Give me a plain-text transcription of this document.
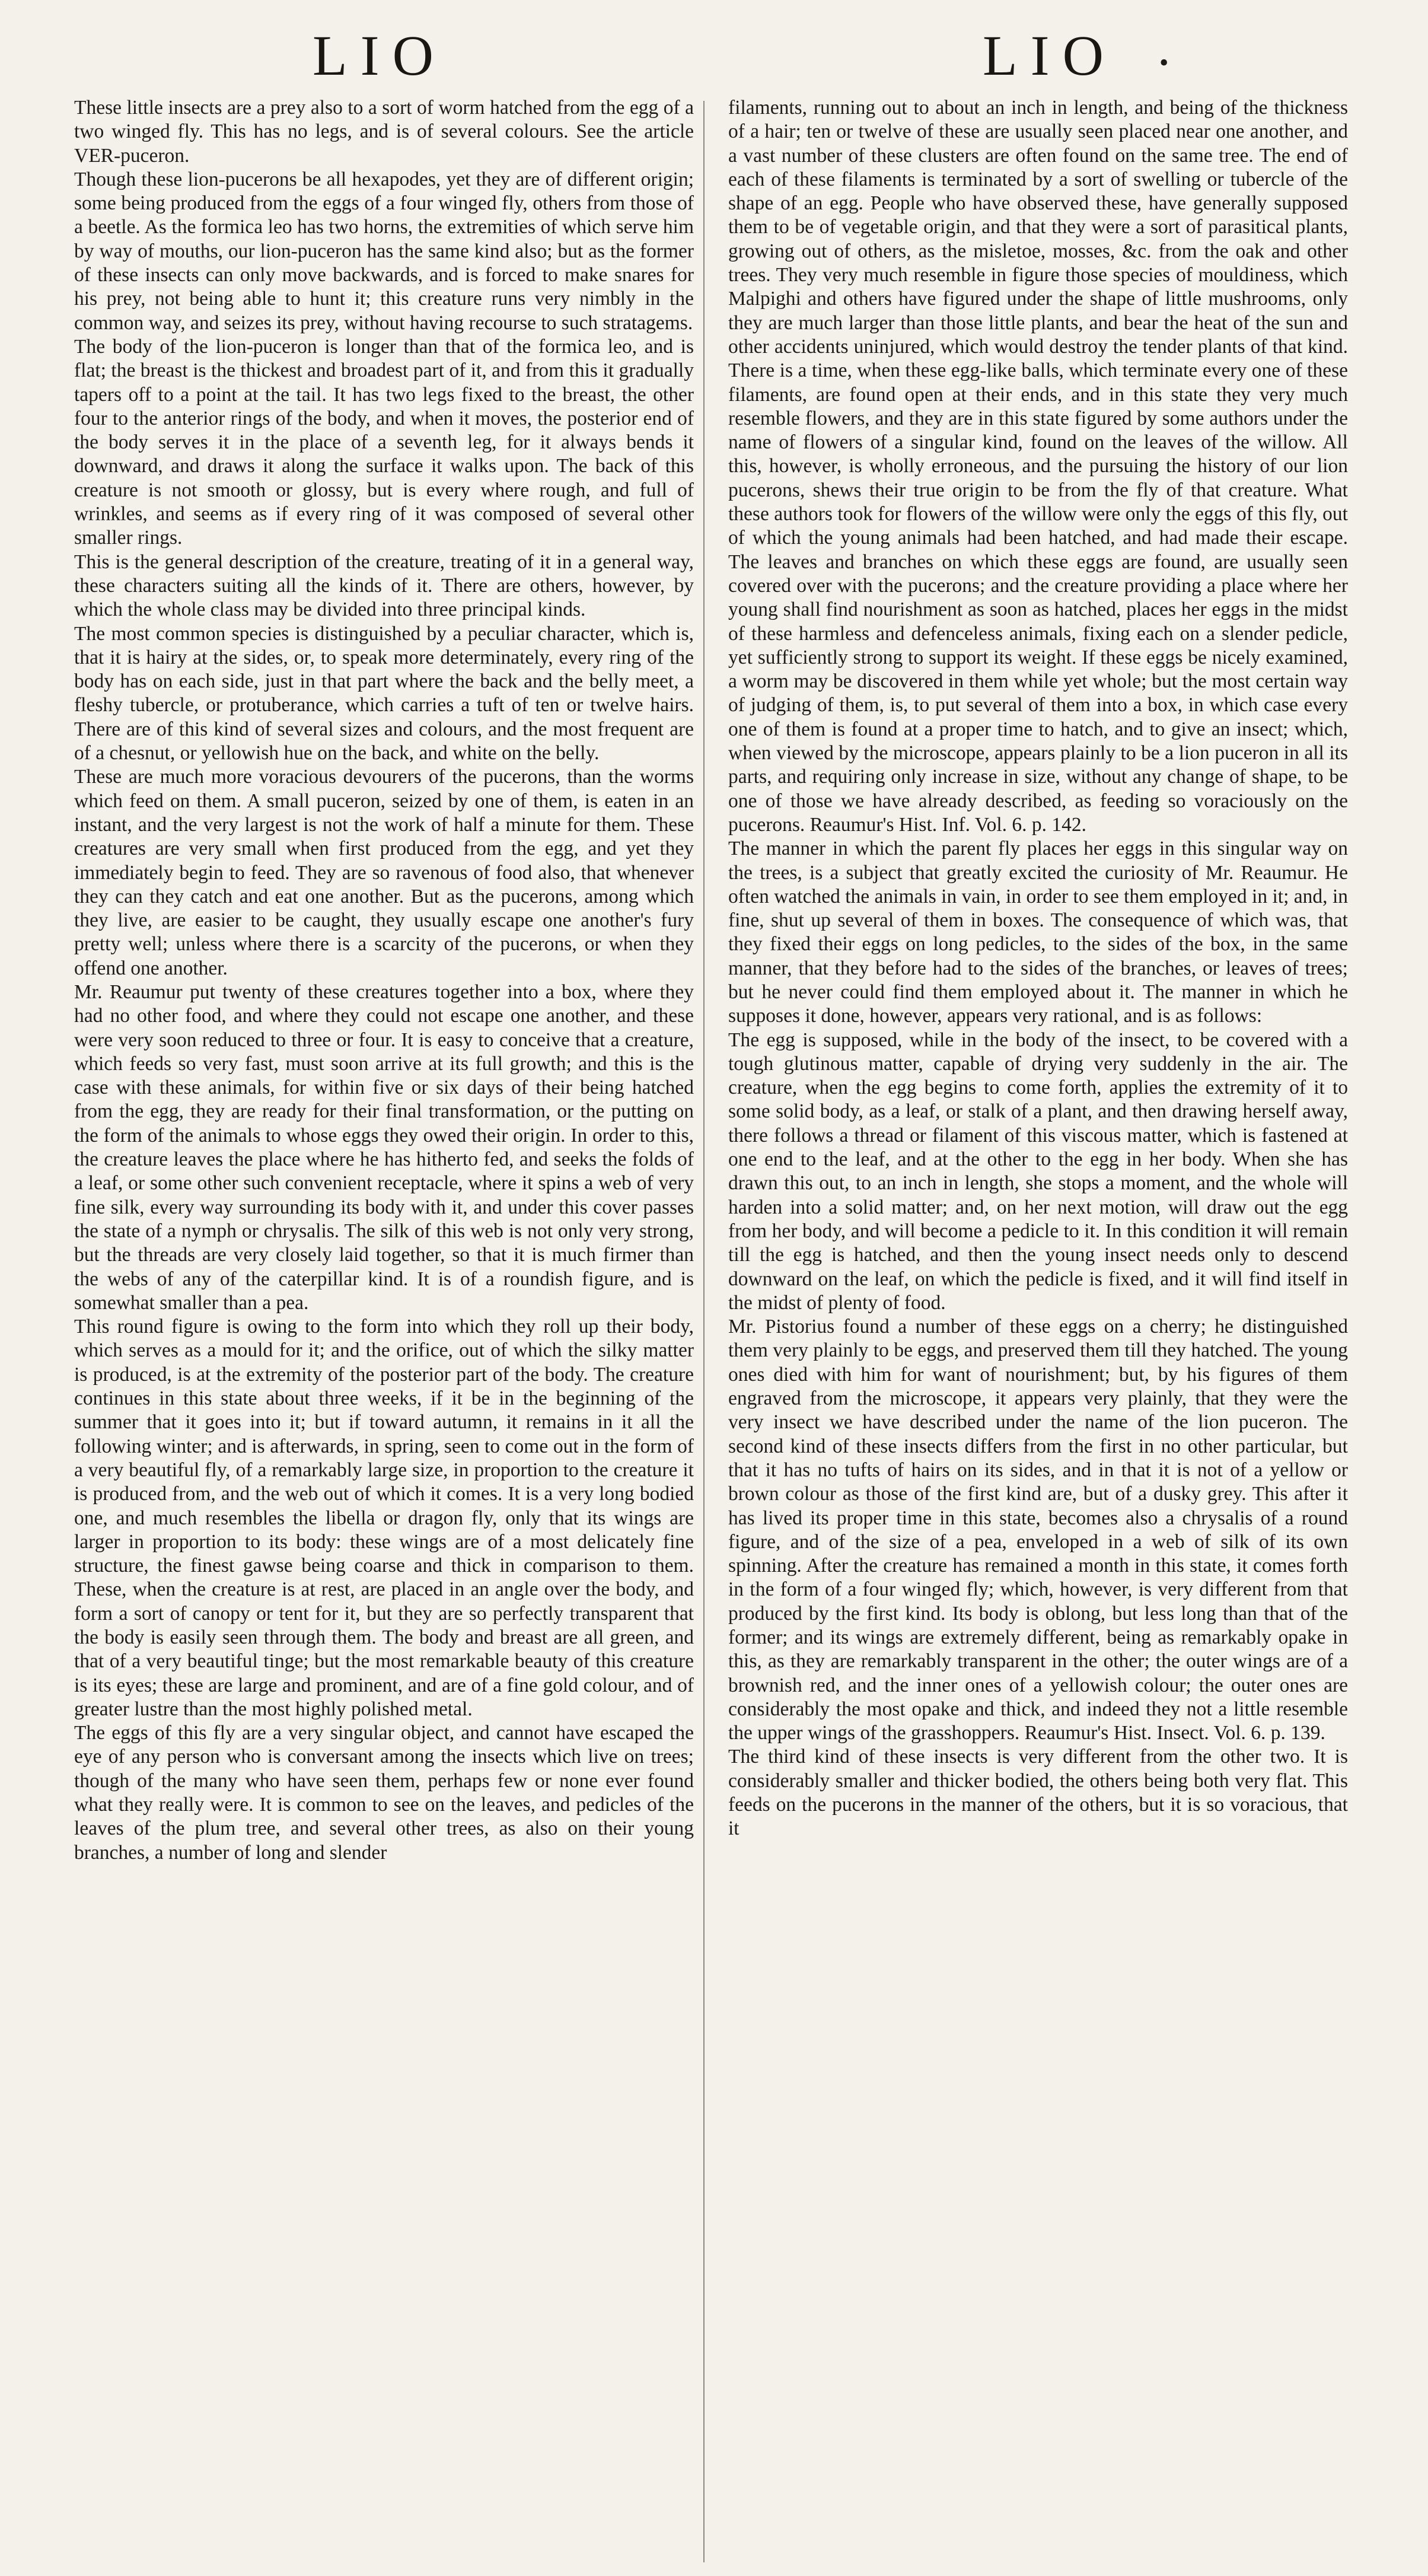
LIO	LIO	•

These little insects are a prey also to a sort of worm hatched from the egg of a two winged fly. This has no legs, and is of several colours. See the article VER-puceron.

Though these lion-pucerons be all hexapodes, yet they are of different origin; some being produced from the eggs of a four winged fly, others from those of a beetle. As the formica leo has two horns, the extremities of which serve him by way of mouths, our lion-puceron has the same kind also; but as the former of these insects can only move backwards, and is forced to make snares for his prey, not being able to hunt it; this creature runs very nimbly in the common way, and seizes its prey, without having recourse to such stratagems.

The body of the lion-puceron is longer than that of the formica leo, and is flat; the breast is the thickest and broadest part of it, and from this it gradually tapers off to a point at the tail. It has two legs fixed to the breast, the other four to the anterior rings of the body, and when it moves, the posterior end of the body serves it in the place of a seventh leg, for it always bends it downward, and draws it along the surface it walks upon. The back of this creature is not smooth or glossy, but is every where rough, and full of wrinkles, and seems as if every ring of it was composed of several other smaller rings.

This is the general description of the creature, treating of it in a general way, these characters suiting all the kinds of it. There are others, however, by which the whole class may be divided into three principal kinds.

The most common species is distinguished by a peculiar character, which is, that it is hairy at the sides, or, to speak more determinately, every ring of the body has on each side, just in that part where the back and the belly meet, a fleshy tubercle, or protuberance, which carries a tuft of ten or twelve hairs. There are of this kind of several sizes and colours, and the most frequent are of a chesnut, or yellowish hue on the back, and white on the belly.

These are much more voracious devourers of the pucerons, than the worms which feed on them. A small puceron, seized by one of them, is eaten in an instant, and the very largest is not the work of half a minute for them. These creatures are very small when first produced from the egg, and yet they immediately begin to feed. They are so ravenous of food also, that whenever they can they catch and eat one another. But as the pucerons, among which they live, are easier to be caught, they usually escape one another's fury pretty well; unless where there is a scarcity of the pucerons, or when they offend one another.

Mr. Reaumur put twenty of these creatures together into a box, where they had no other food, and where they could not escape one another, and these were very soon reduced to three or four. It is easy to conceive that a creature, which feeds so very fast, must soon arrive at its full growth; and this is the case with these animals, for within five or six days of their being hatched from the egg, they are ready for their final transformation, or the putting on the form of the animals to whose eggs they owed their origin. In order to this, the creature leaves the place where he has hitherto fed, and seeks the folds of a leaf, or some other such convenient receptacle, where it spins a web of very fine silk, every way surrounding its body with it, and under this cover passes the state of a nymph or chrysalis. The silk of this web is not only very strong, but the threads are very closely laid together, so that it is much firmer than the webs of any of the caterpillar kind. It is of a roundish figure, and is somewhat smaller than a pea.

This round figure is owing to the form into which they roll up their body, which serves as a mould for it; and the orifice, out of which the silky matter is produced, is at the extremity of the posterior part of the body. The creature continues in this state about three weeks, if it be in the beginning of the summer that it goes into it; but if toward autumn, it remains in it all the following winter; and is afterwards, in spring, seen to come out in the form of a very beautiful fly, of a remarkably large size, in proportion to the creature it is produced from, and the web out of which it comes. It is a very long bodied one, and much resembles the libella or dragon fly, only that its wings are larger in proportion to its body: these wings are of a most delicately fine structure, the finest gawse being coarse and thick in comparison to them. These, when the creature is at rest, are placed in an angle over the body, and form a sort of canopy or tent for it, but they are so perfectly transparent that the body is easily seen through them. The body and breast are all green, and that of a very beautiful tinge; but the most remarkable beauty of this creature is its eyes; these are large and prominent, and are of a fine gold colour, and of greater lustre than the most highly polished metal.

The eggs of this fly are a very singular object, and cannot have escaped the eye of any person who is conversant among the insects which live on trees; though of the many who have seen them, perhaps few or none ever found what they really were. It is common to see on the leaves, and pedicles of the leaves of the plum tree, and several other trees, as also on their young branches, a number of long and slender

filaments, running out to about an inch in length, and being of the thickness of a hair; ten or twelve of these are usually seen placed near one another, and a vast number of these clusters are often found on the same tree. The end of each of these filaments is terminated by a sort of swelling or tubercle of the shape of an egg. People who have observed these, have generally supposed them to be of vegetable origin, and that they were a sort of parasitical plants, growing out of others, as the misletoe, mosses, &c. from the oak and other trees. They very much resemble in figure those species of mouldiness, which Malpighi and others have figured under the shape of little mushrooms, only they are much larger than those little plants, and bear the heat of the sun and other accidents uninjured, which would destroy the tender plants of that kind. There is a time, when these egg-like balls, which terminate every one of these filaments, are found open at their ends, and in this state they very much resemble flowers, and they are in this state figured by some authors under the name of flowers of a singular kind, found on the leaves of the willow. All this, however, is wholly erroneous, and the pursuing the history of our lion pucerons, shews their true origin to be from the fly of that creature. What these authors took for flowers of the willow were only the eggs of this fly, out of which the young animals had been hatched, and had made their escape. The leaves and branches on which these eggs are found, are usually seen covered over with the pucerons; and the creature providing a place where her young shall find nourishment as soon as hatched, places her eggs in the midst of these harmless and defenceless animals, fixing each on a slender pedicle, yet sufficiently strong to support its weight. If these eggs be nicely examined, a worm may be discovered in them while yet whole; but the most certain way of judging of them, is, to put several of them into a box, in which case every one of them is found at a proper time to hatch, and to give an insect; which, when viewed by the microscope, appears plainly to be a lion puceron in all its parts, and requiring only increase in size, without any change of shape, to be one of those we have already described, as feeding so voraciously on the pucerons. Reaumur's Hist. Inf. Vol. 6. p. 142.

The manner in which the parent fly places her eggs in this singular way on the trees, is a subject that greatly excited the curiosity of Mr. Reaumur. He often watched the animals in vain, in order to see them employed in it; and, in fine, shut up several of them in boxes. The consequence of which was, that they fixed their eggs on long pedicles, to the sides of the box, in the same manner, that they before had to the sides of the branches, or leaves of trees; but he never could find them employed about it. The manner in which he supposes it done, however, appears very rational, and is as follows:

The egg is supposed, while in the body of the insect, to be covered with a tough glutinous matter, capable of drying very suddenly in the air. The creature, when the egg begins to come forth, applies the extremity of it to some solid body, as a leaf, or stalk of a plant, and then drawing herself away, there follows a thread or filament of this viscous matter, which is fastened at one end to the leaf, and at the other to the egg in her body. When she has drawn this out, to an inch in length, she stops a moment, and the whole will harden into a solid matter; and, on her next motion, will draw out the egg from her body, and will become a pedicle to it. In this condition it will remain till the egg is hatched, and then the young insect needs only to descend downward on the leaf, on which the pedicle is fixed, and it will find itself in the midst of plenty of food.

Mr. Pistorius found a number of these eggs on a cherry; he distinguished them very plainly to be eggs, and preserved them till they hatched. The young ones died with him for want of nourishment; but, by his figures of them engraved from the microscope, it appears very plainly, that they were the very insect we have described under the name of the lion puceron. The second kind of these insects differs from the first in no other particular, but that it has no tufts of hairs on its sides, and in that it is not of a yellow or brown colour as those of the first kind are, but of a dusky grey. This after it has lived its proper time in this state, becomes also a chrysalis of a round figure, and of the size of a pea, enveloped in a web of silk of its own spinning. After the creature has remained a month in this state, it comes forth in the form of a four winged fly; which, however, is very different from that produced by the first kind. Its body is oblong, but less long than that of the former; and its wings are extremely different, being as remarkably opake in this, as they are remarkably transparent in the other; the outer wings are of a brownish red, and the inner ones of a yellowish colour; the outer ones are considerably the most opake and thick, and indeed they not a little resemble the upper wings of the grasshoppers. Reaumur's Hist. Insect. Vol. 6. p. 139.

The third kind of these insects is very different from the other two. It is considerably smaller and thicker bodied, the others being both very flat. This feeds on the pucerons in the manner of the others, but it is so voracious, that it
